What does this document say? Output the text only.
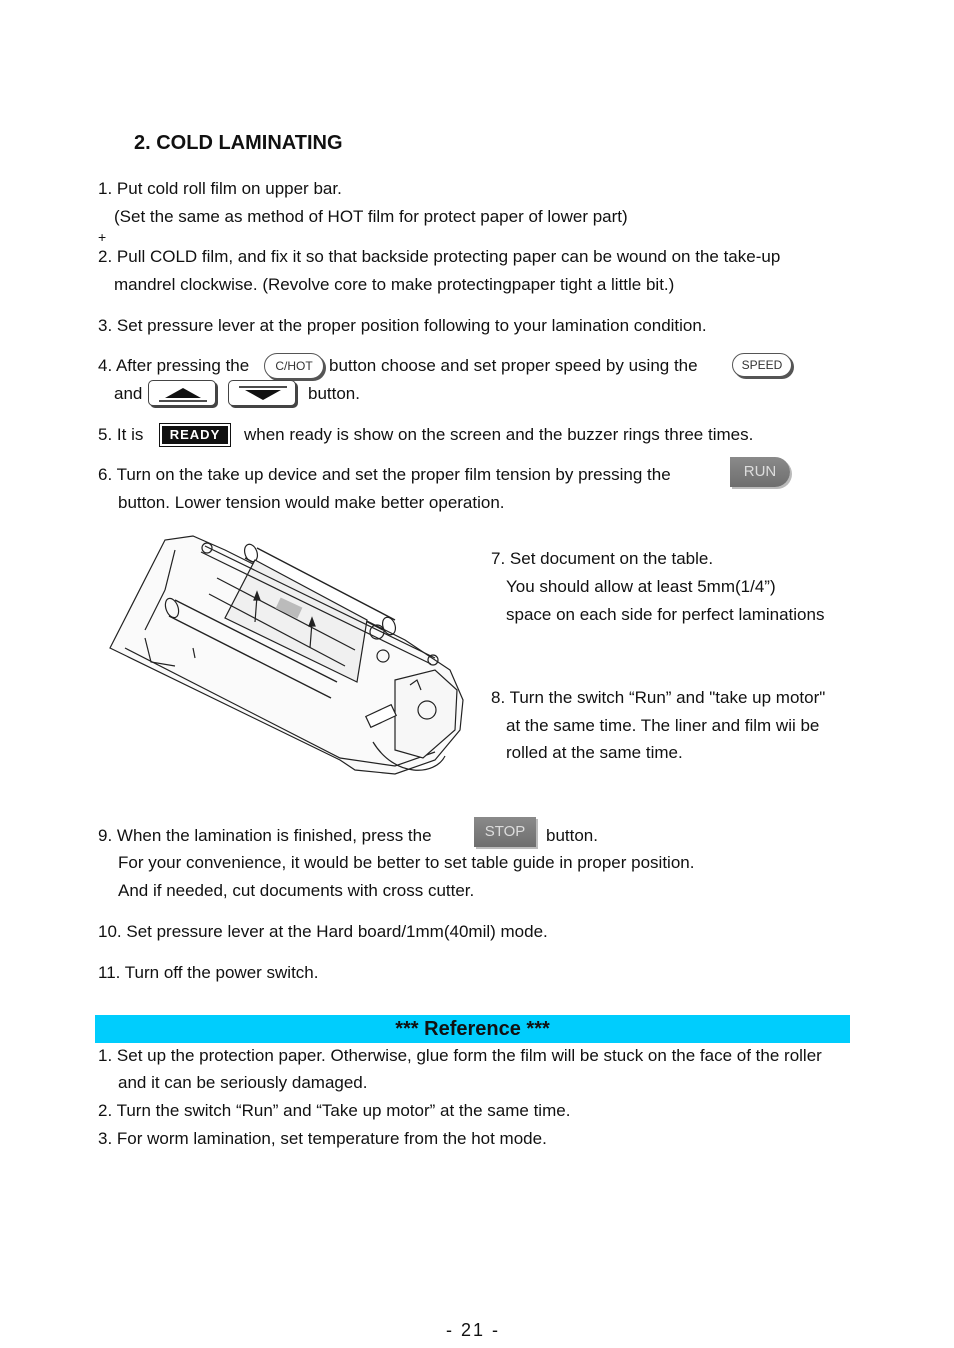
2. COLD LAMINATING
1. Put cold roll film on upper bar.
(Set the same as method of HOT film for protect paper of lower part)
+
2. Pull COLD film, and fix it so that backside protecting paper can be wound on the take-up
mandrel clockwise. (Revolve core to make protectingpaper tight a little bit.)
3. Set pressure lever at the proper position following to your lamination condition.
4. After pressing the	C/HOT button choose and set proper speed by using the	SPEED
and	button.
5. It is	READY	when ready is show on the screen and the buzzer rings three times.
6. Turn on the take up device and set the proper film tension by pressing the	RUN
button. Lower tension would make better operation.
7. Set document on the table.
You should allow at least 5mm(1/4”)
space on each side for perfect laminations
8. Turn the switch “Run” and "take up motor"
at the same time. The liner and film wii be
rolled at the same time.
9. When the lamination is finished, press the	STOP	button.
For your convenience, it would be better to set table guide in proper position.
And if needed, cut documents with cross cutter.
10. Set pressure lever at the Hard board/1mm(40mil) mode.
11. Turn off the power switch.
*** Reference ***
1. Set up the protection paper. Otherwise, glue form the film will be stuck on the face of the roller
and it can be seriously damaged.
2. Turn the switch “Run” and “Take up motor” at the same time.
3. For worm lamination, set temperature from the hot mode.
- 21 -
